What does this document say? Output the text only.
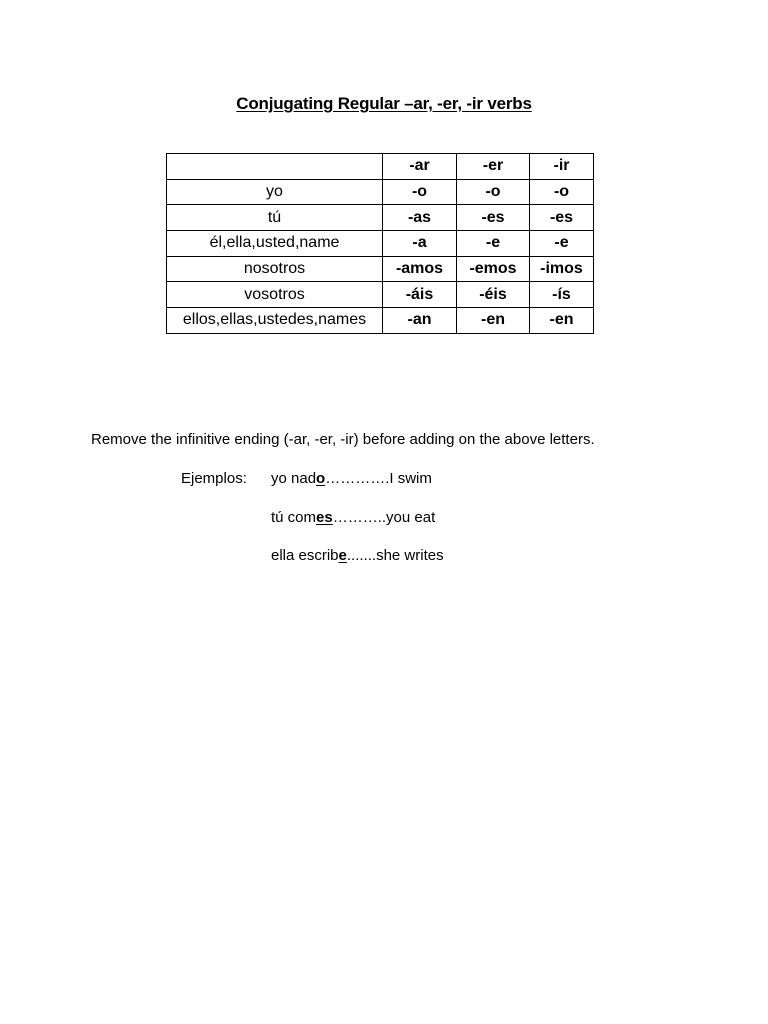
Conjugating Regular –ar, -er, -ir verbs
	-ar	-er	-ir
yo	-o	-o	-o
tú	-as	-es	-es
él,ella,usted,name	-a	-e	-e
nosotros	-amos	-emos	-imos
vosotros	-áis	-éis	-ís
ellos,ellas,ustedes,names	-an	-en	-en
Remove the infinitive ending (-ar, -er, -ir) before adding on the above letters.
Ejemplos: yo nado………….I swim
tú comes………..you eat
ella escribe.......she writes
